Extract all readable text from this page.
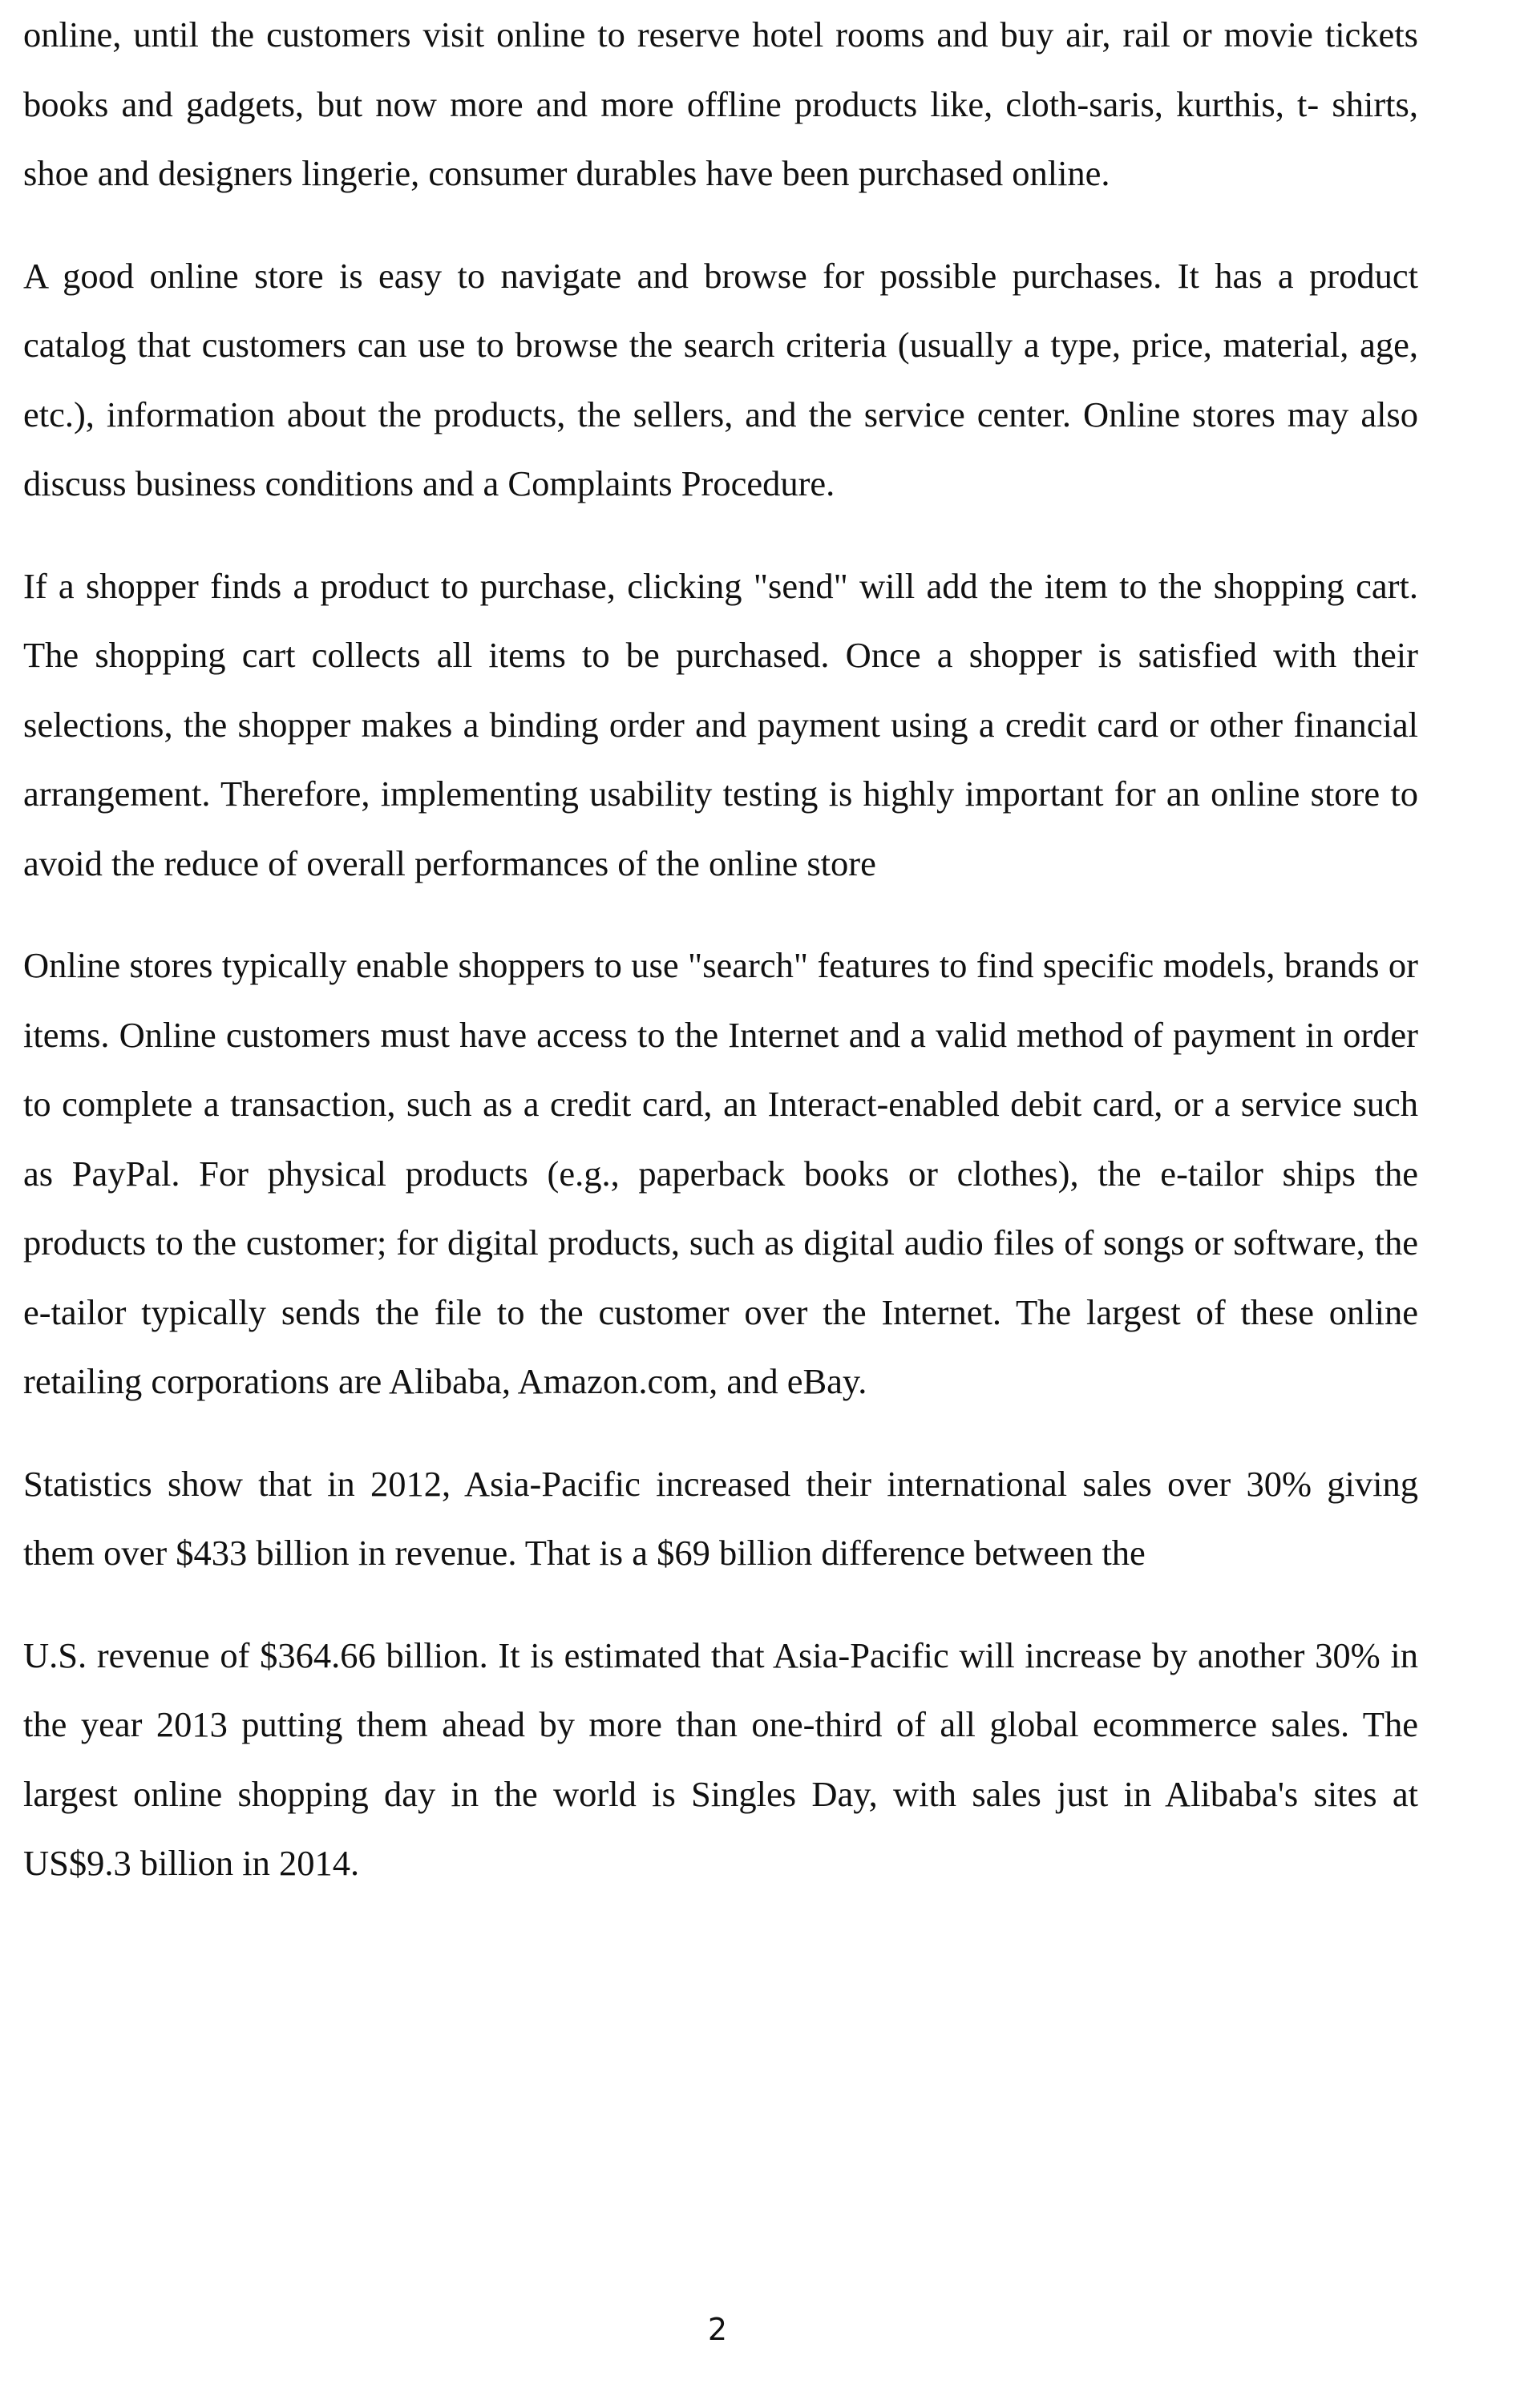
online, until the customers visit online to reserve hotel rooms and buy air, rail or movie tickets books and gadgets, but now more and more offline products like, cloth-saris, kurthis, t- shirts, shoe and designers lingerie, consumer durables have been purchased online.

A good online store is easy to navigate and browse for possible purchases. It has a product catalog that customers can use to browse the search criteria (usually a type, price, material, age, etc.), information about the products, the sellers, and the service center. Online stores may also discuss business conditions and a Complaints Procedure.

If a shopper finds a product to purchase, clicking "send" will add the item to the shopping cart. The shopping cart collects all items to be purchased. Once a shopper is satisfied with their selections, the shopper makes a binding order and payment using a credit card or other financial arrangement. Therefore, implementing usability testing is highly important for an online store to avoid the reduce of overall performances of the online store

Online stores typically enable shoppers to use "search" features to find specific models, brands or items. Online customers must have access to the Internet and a valid method of payment in order to complete a transaction, such as a credit card, an Interact-enabled debit card, or a service such as PayPal. For physical products (e.g., paperback books or clothes), the e-tailor ships the products to the customer; for digital products, such as digital audio files of songs or software, the e-tailor typically sends the file to the customer over the Internet. The largest of these online retailing corporations are Alibaba, Amazon.com, and eBay.

Statistics show that in 2012, Asia-Pacific increased their international sales over 30% giving them over $433 billion in revenue. That is a $69 billion difference between the

U.S. revenue of $364.66 billion. It is estimated that Asia-Pacific will increase by another 30% in the year 2013 putting them ahead by more than one-third of all global ecommerce sales. The largest online shopping day in the world is Singles Day, with sales just in Alibaba's sites at US$9.3 billion in 2014.

2
